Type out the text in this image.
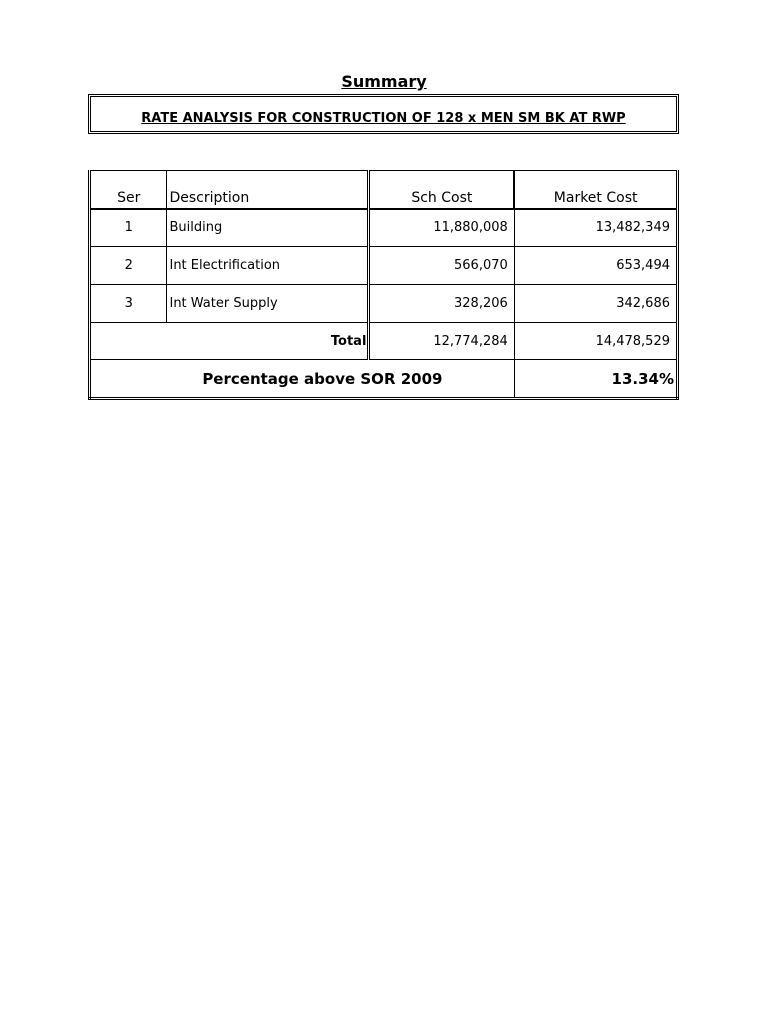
Summary
RATE ANALYSIS FOR CONSTRUCTION OF 128 x MEN SM BK AT RWP
Ser	Description	Sch Cost	Market Cost
1	Building	11,880,008	13,482,349
2	Int Electrification	566,070	653,494
3	Int Water Supply	328,206	342,686
Total		12,774,284	14,478,529
Percentage above SOR 2009			13.34%
